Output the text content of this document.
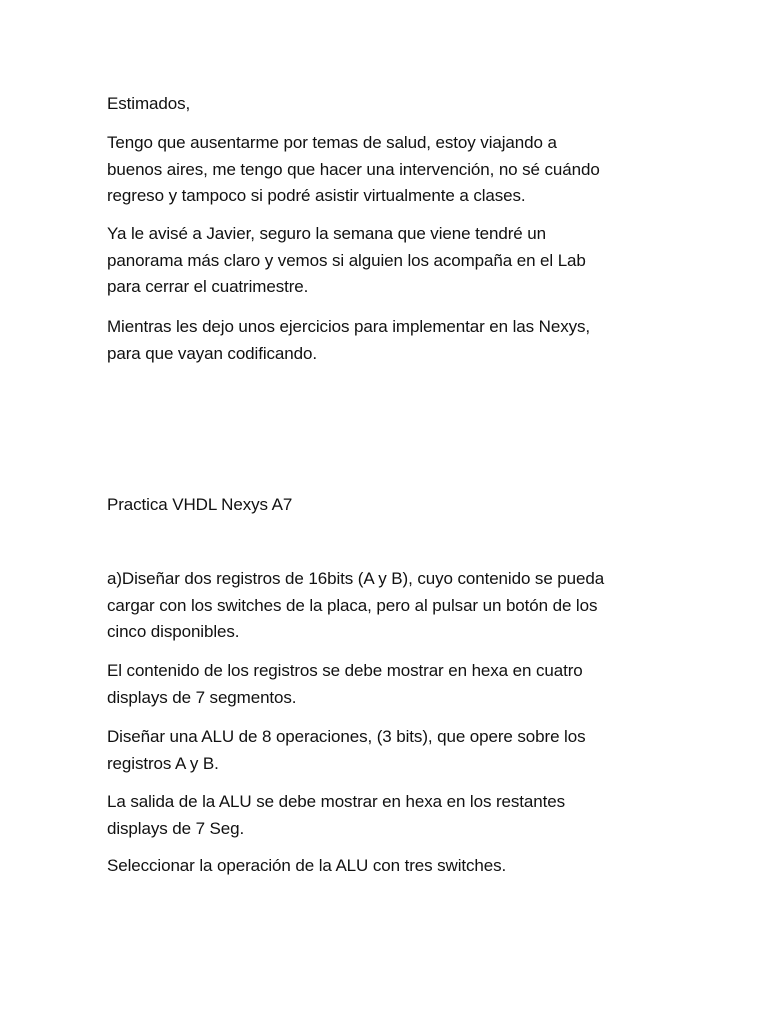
Estimados,

Tengo que ausentarme por temas de salud, estoy viajando a
buenos aires, me tengo que hacer una intervención, no sé cuándo
regreso y tampoco si podré asistir virtualmente a clases.

Ya le avisé a Javier, seguro la semana que viene tendré un
panorama más claro y vemos si alguien los acompaña en el Lab
para cerrar el cuatrimestre.

Mientras les dejo unos ejercicios para implementar en las Nexys,
para que vayan codificando.

Practica VHDL Nexys A7

a)Diseñar dos registros de 16bits (A y B), cuyo contenido se pueda
cargar con los switches de la placa, pero al pulsar un botón de los
cinco disponibles.

El contenido de los registros se debe mostrar en hexa en cuatro
displays de 7 segmentos.

Diseñar una ALU de 8 operaciones, (3 bits), que opere sobre los
registros A y B.

La salida de la ALU se debe mostrar en hexa en los restantes
displays de 7 Seg.

Seleccionar la operación de la ALU con tres switches.
